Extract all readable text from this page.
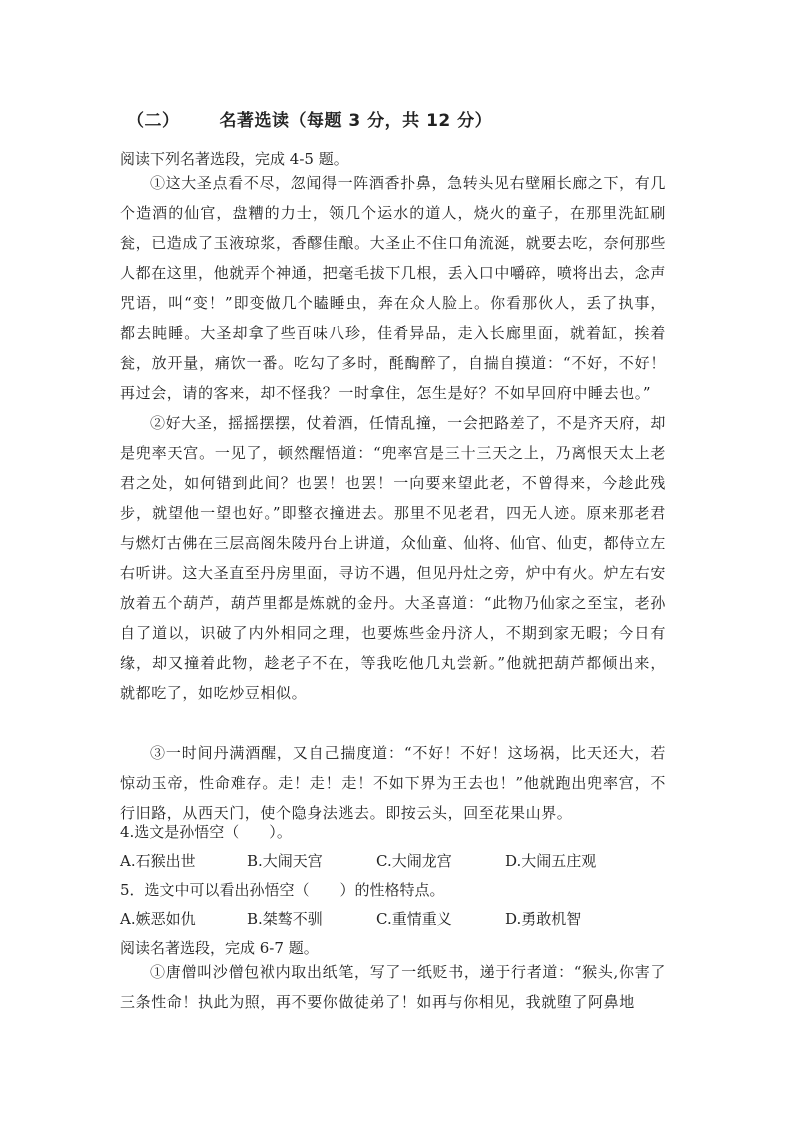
（二） 名著选读（每题 3 分，共 12 分）
阅读下列名著选段，完成 4-5 题。

①这大圣点看不尽，忽闻得一阵酒香扑鼻，急转头见右壁厢长廊之下，有几个造酒的仙官，盘糟的力士，领几个运水的道人，烧火的童子，在那里洗缸刷瓮，已造成了玉液琼浆，香醪佳酿。大圣止不住口角流涎，就要去吃，奈何那些人都在这里，他就弄个神通，把毫毛拔下几根，丢入口中嚼碎，喷将出去，念声咒语，叫“变！”即变做几个瞌睡虫，奔在众人脸上。你看那伙人，丢了执事，都去盹睡。大圣却拿了些百味八珍，佳肴异品，走入长廊里面，就着缸，挨着瓮，放开量，痛饮一番。吃勾了多时，酕醄醉了，自揣自摸道：“不好，不好！再过会，请的客来，却不怪我？一时拿住，怎生是好？不如早回府中睡去也。”

②好大圣，摇摇摆摆，仗着酒，任情乱撞，一会把路差了，不是齐天府，却是兜率天宫。一见了，顿然醒悟道：“兜率宫是三十三天之上，乃离恨天太上老君之处，如何错到此间？也罢！也罢！一向要来望此老，不曾得来，今趁此残步，就望他一望也好。”即整衣撞进去。那里不见老君，四无人迹。原来那老君与燃灯古佛在三层高阁朱陵丹台上讲道，众仙童、仙将、仙官、仙吏，都侍立左右听讲。这大圣直至丹房里面，寻访不遇，但见丹灶之旁，炉中有火。炉左右安放着五个葫芦，葫芦里都是炼就的金丹。大圣喜道：“此物乃仙家之至宝，老孙自了道以，识破了内外相同之理，也要炼些金丹济人，不期到家无暇；今日有缘，却又撞着此物，趁老子不在，等我吃他几丸尝新。”他就把葫芦都倾出来，就都吃了，如吃炒豆相似。

③一时间丹满酒醒，又自己揣度道：“不好！不好！这场祸，比天还大，若惊动玉帝，性命难存。走！走！走！不如下界为王去也！”他就跑出兜率宫，不行旧路，从西天门，使个隐身法逃去。即按云头，回至花果山界。

4.选文是孙悟空（　　）。
A.石猴出世	B.大闹天宫	C.大闹龙宫	D.大闹五庄观
5．选文中可以看出孙悟空（　　）的性格特点。
A.嫉恶如仇	B.桀骜不驯	C.重情重义	D.勇敢机智
阅读名著选段，完成 6-7 题。

①唐僧叫沙僧包袱内取出纸笔，写了一纸贬书，递于行者道：“猴头,你害了三条性命！执此为照，再不要你做徒弟了！如再与你相见，我就堕了阿鼻地
